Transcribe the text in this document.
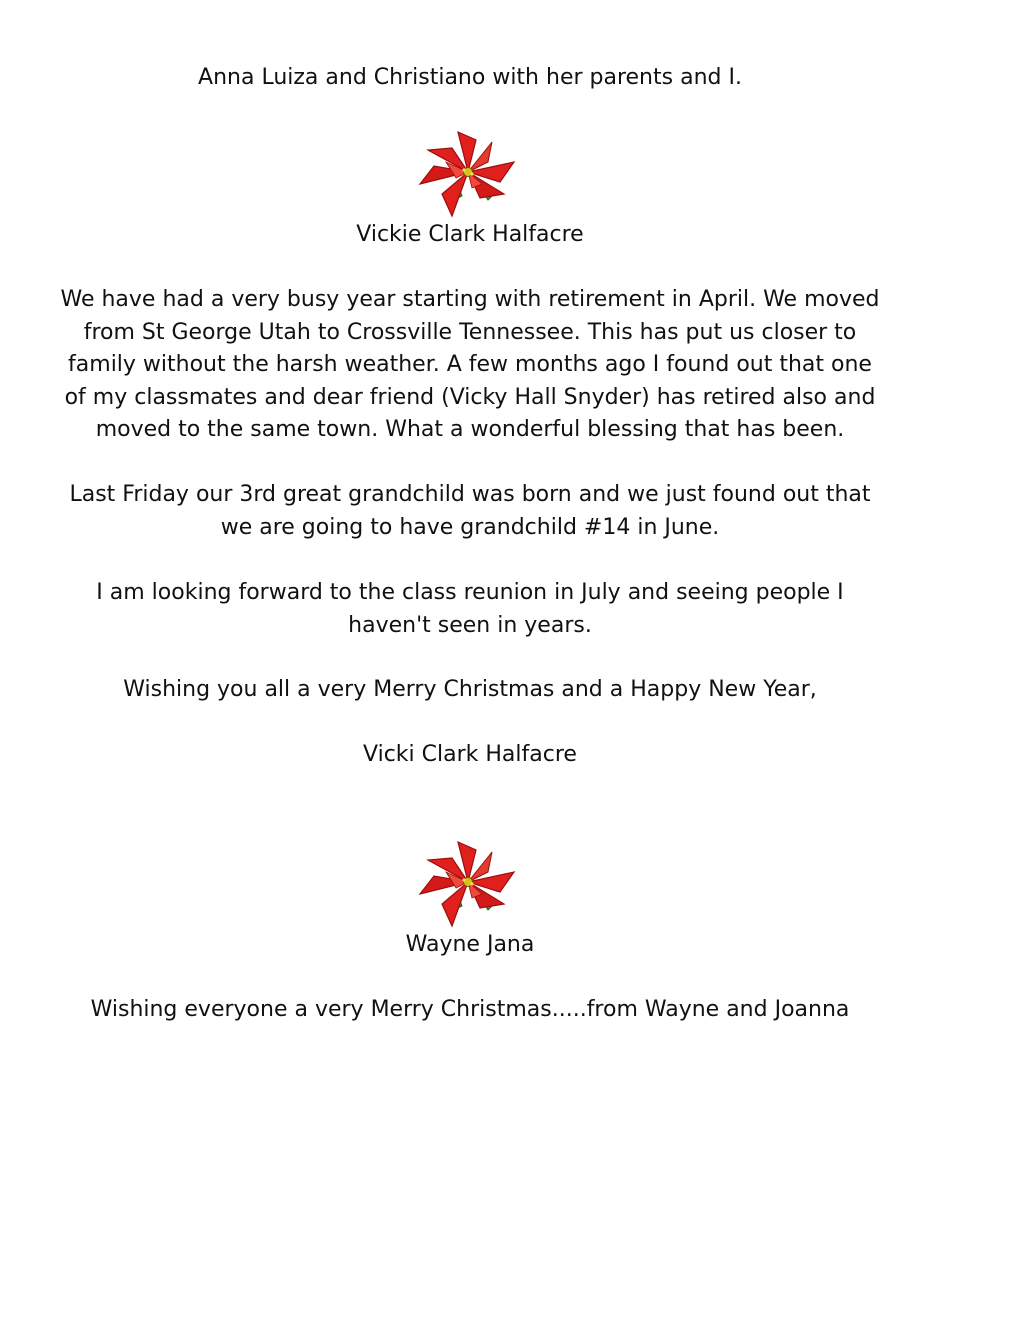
Anna Luiza and Christiano with her parents and I.
Vickie Clark Halfacre
We have had a very busy year starting with retirement in April. We moved
from St George Utah to Crossville Tennessee. This has put us closer to
family without the harsh weather. A few months ago I found out that one
of my classmates and dear friend (Vicky Hall Snyder) has retired also and
moved to the same town. What a wonderful blessing that has been.
Last Friday our 3rd great grandchild was born and we just found out that
we are going to have grandchild #14 in June.
I am looking forward to the class reunion in July and seeing people I
haven't seen in years.
Wishing you all a very Merry Christmas and a Happy New Year,
Vicki Clark Halfacre
Wayne Jana
Wishing everyone a very Merry Christmas.....from Wayne and Joanna
